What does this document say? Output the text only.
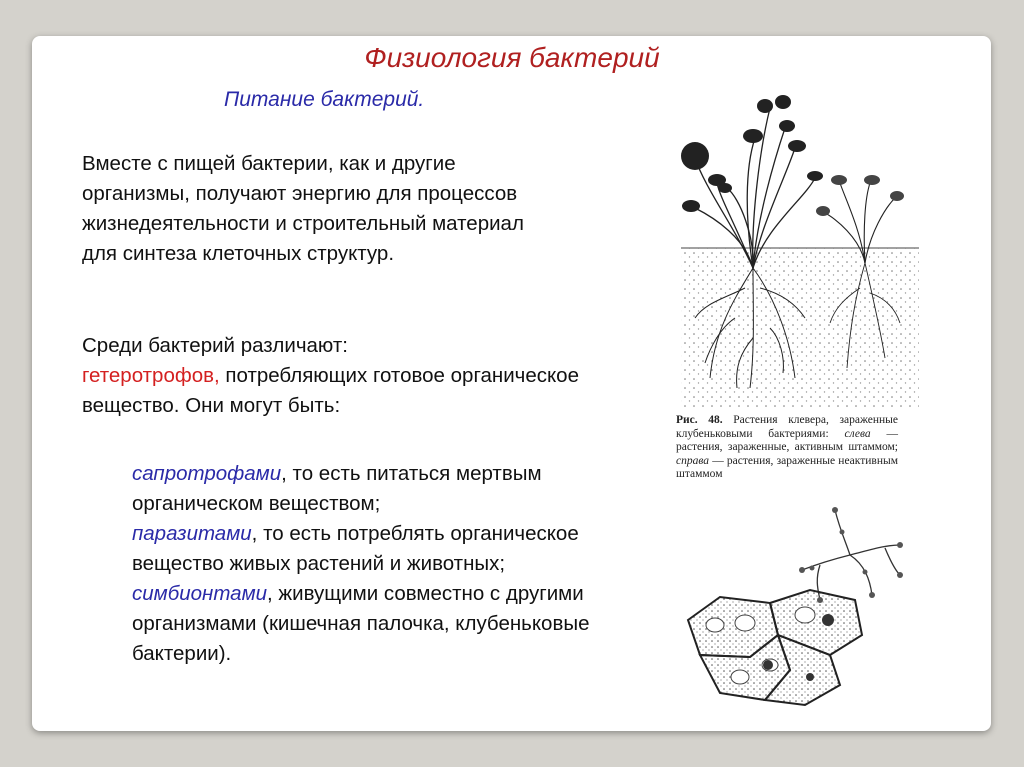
Физиология бактерий
Питание бактерий.
Вместе с пищей бактерии, как и другие организмы, получают энергию для процессов жизнедеятельности и строительный материал для синтеза клеточных структур.
Среди бактерий различают:
гетеротрофов, потребляющих готовое органическое вещество. Они могут быть:
сапротрофами, то есть питаться мертвым органическом веществом;
паразитами, то есть потреблять органическое вещество живых растений и животных;
симбионтами, живущими совместно с другими организмами (кишечная палочка, клубеньковые бактерии).
Рис. 48. Растения клевера, зараженные клубеньковыми бактериями: слева — растения, зараженные, активным штаммом; справа — растения, зараженные неактивным штаммом
